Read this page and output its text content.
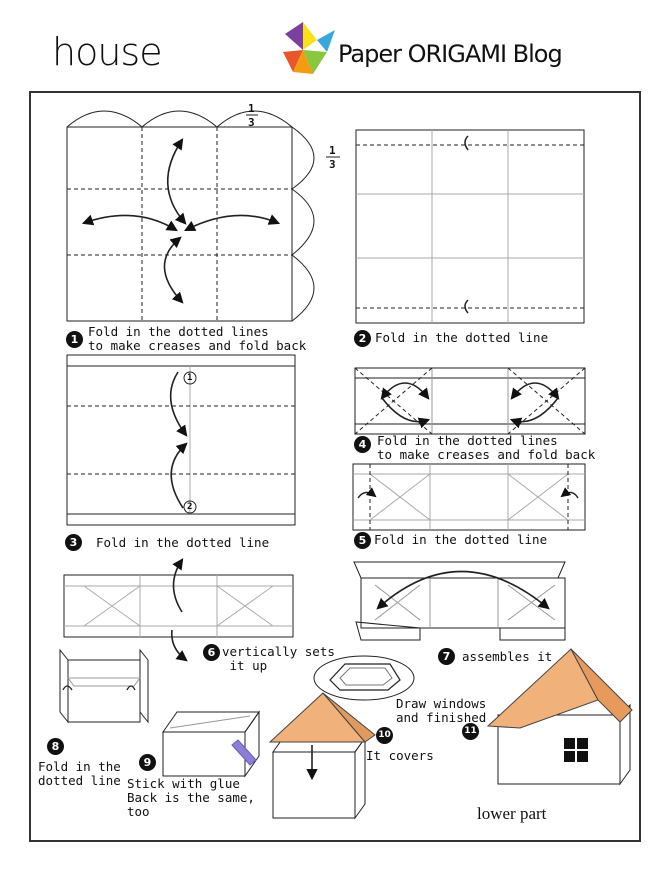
house	Paper ORIGAMI Blog
1
3
1
3
1
2
1
Fold in the dotted lines
to make creases and fold back	2 Fold in the dotted line
3	Fold in the dotted line
4 Fold in the dotted lines
to make creases and fold back
5 Fold in the dotted line
6 vertically sets
it up
7 assembles it
8
Fold in the
dotted line
9
Stick with glue
Back is the same,
too
10
It covers
11
Draw windows
and finished
lower part
